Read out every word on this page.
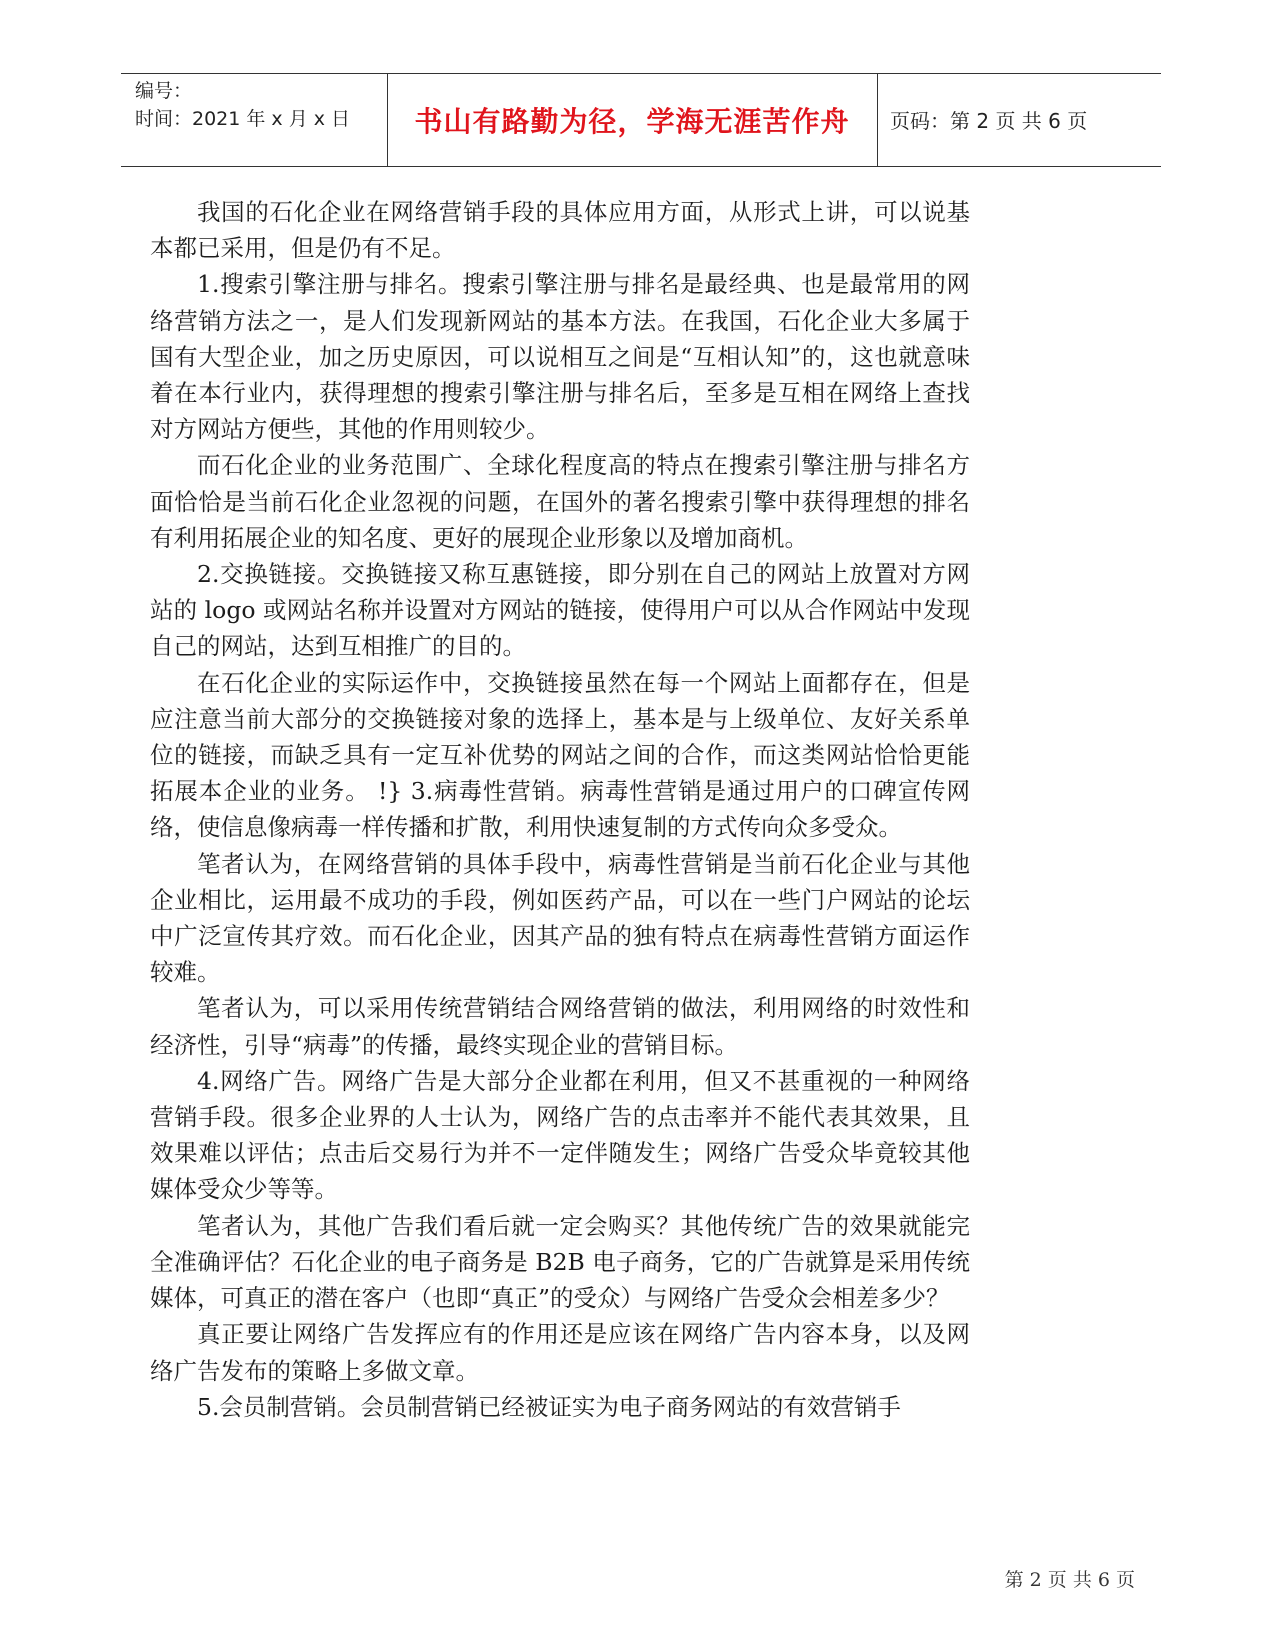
编号：
时间：2021 年 x 月 x 日	书山有路勤为径，学海无涯苦作舟	页码：第 2 页 共 6 页

我国的石化企业在网络营销手段的具体应用方面，从形式上讲，可以说基本都已采用，但是仍有不足。

1.搜索引擎注册与排名。搜索引擎注册与排名是最经典、也是最常用的网络营销方法之一，是人们发现新网站的基本方法。在我国，石化企业大多属于国有大型企业，加之历史原因，可以说相互之间是“互相认知”的，这也就意味着在本行业内，获得理想的搜索引擎注册与排名后，至多是互相在网络上查找对方网站方便些，其他的作用则较少。

而石化企业的业务范围广、全球化程度高的特点在搜索引擎注册与排名方面恰恰是当前石化企业忽视的问题，在国外的著名搜索引擎中获得理想的排名有利用拓展企业的知名度、更好的展现企业形象以及增加商机。

2.交换链接。交换链接又称互惠链接，即分别在自己的网站上放置对方网站的 logo 或网站名称并设置对方网站的链接，使得用户可以从合作网站中发现自己的网站，达到互相推广的目的。

在石化企业的实际运作中，交换链接虽然在每一个网站上面都存在，但是应注意当前大部分的交换链接对象的选择上，基本是与上级单位、友好关系单位的链接，而缺乏具有一定互补优势的网站之间的合作，而这类网站恰恰更能拓展本企业的业务。 !} 3.病毒性营销。病毒性营销是通过用户的口碑宣传网络，使信息像病毒一样传播和扩散，利用快速复制的方式传向众多受众。

笔者认为，在网络营销的具体手段中，病毒性营销是当前石化企业与其他企业相比，运用最不成功的手段，例如医药产品，可以在一些门户网站的论坛中广泛宣传其疗效。而石化企业，因其产品的独有特点在病毒性营销方面运作较难。

笔者认为，可以采用传统营销结合网络营销的做法，利用网络的时效性和经济性，引导“病毒”的传播，最终实现企业的营销目标。

4.网络广告。网络广告是大部分企业都在利用，但又不甚重视的一种网络营销手段。很多企业界的人士认为，网络广告的点击率并不能代表其效果，且效果难以评估；点击后交易行为并不一定伴随发生；网络广告受众毕竟较其他媒体受众少等等。

笔者认为，其他广告我们看后就一定会购买？其他传统广告的效果就能完全准确评估？石化企业的电子商务是 B2B 电子商务，它的广告就算是采用传统媒体，可真正的潜在客户（也即“真正”的受众）与网络广告受众会相差多少？

真正要让网络广告发挥应有的作用还是应该在网络广告内容本身，以及网络广告发布的策略上多做文章。

5.会员制营销。会员制营销已经被证实为电子商务网站的有效营销手

第 2 页 共 6 页
